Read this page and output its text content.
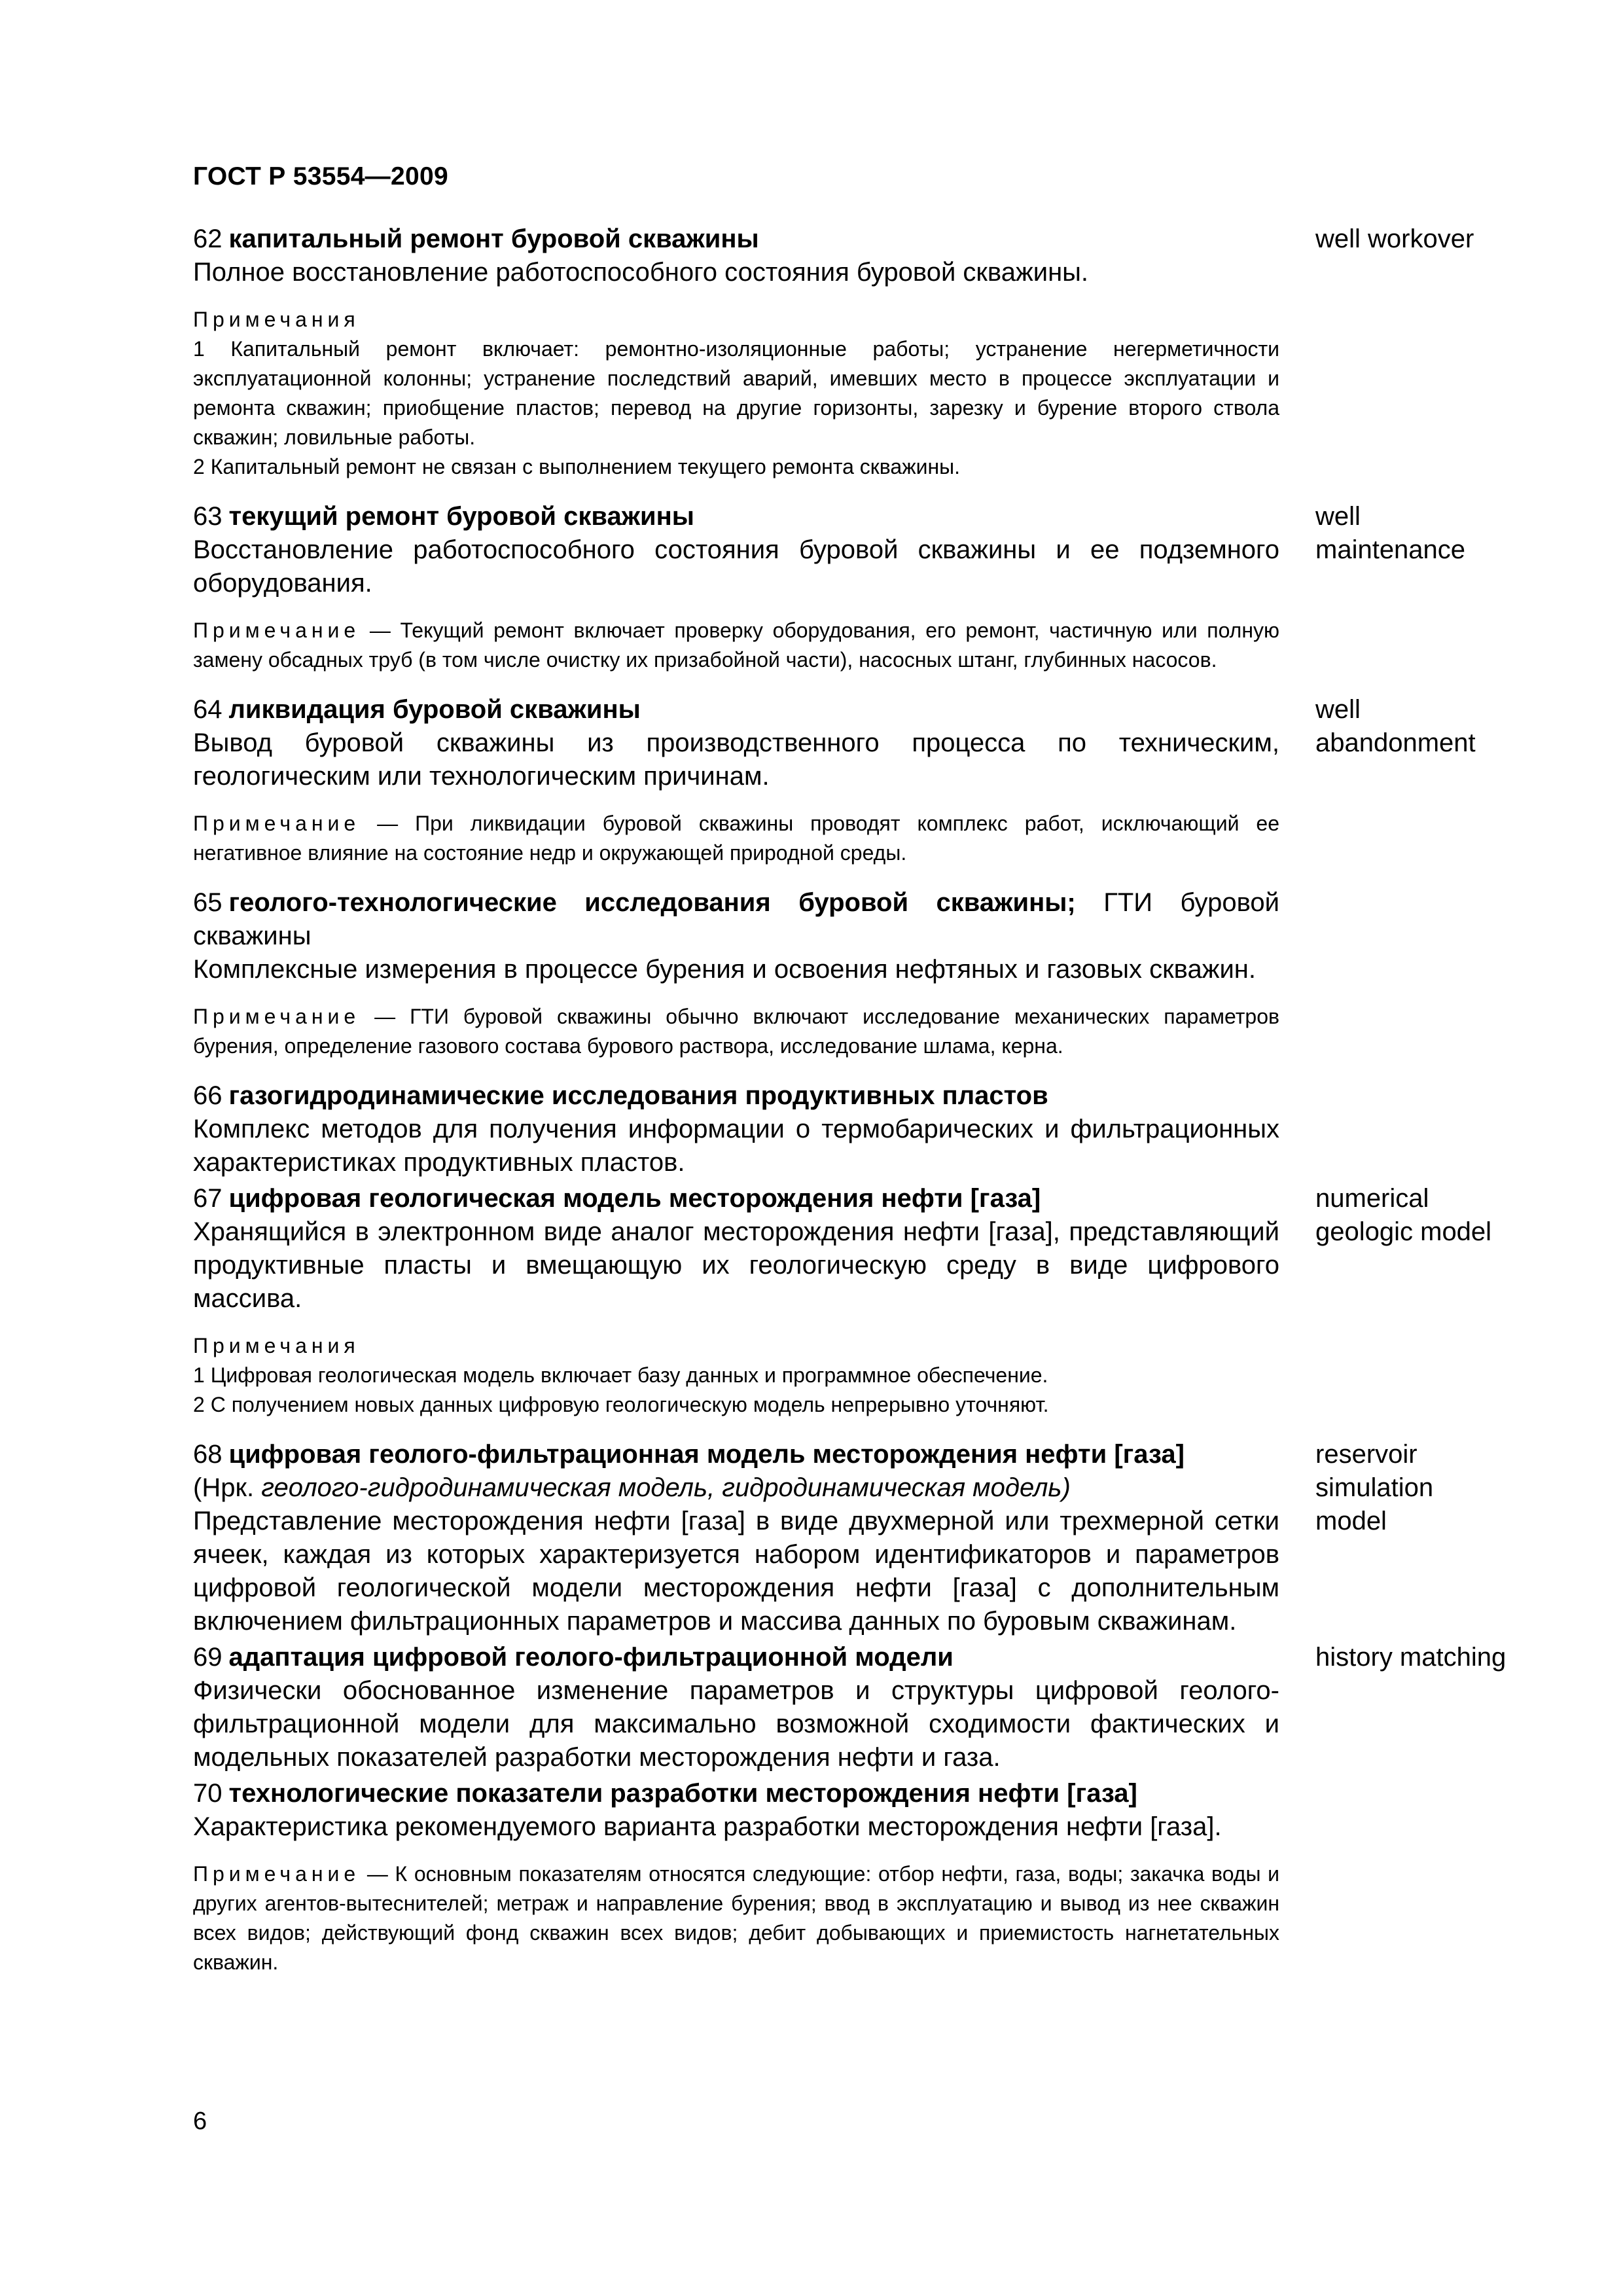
ГОСТ Р 53554—2009
62 капитальный ремонт буровой скважины
Полное восстановление работоспособного состояния буровой скважины.
Примечания
1 Капитальный ремонт включает: ремонтно-изоляционные работы; устранение негерметичности эксплуатационной колонны; устранение последствий аварий, имевших место в процессе эксплуатации и ремонта скважин; приобщение пластов; перевод на другие горизонты, зарезку и бурение второго ствола скважин; ловильные работы.
2 Капитальный ремонт не связан с выполнением текущего ремонта скважины.
well workover
63 текущий ремонт буровой скважины
Восстановление работоспособного состояния буровой скважины и ее подземного оборудования.
Примечание — Текущий ремонт включает проверку оборудования, его ремонт, частичную или полную замену обсадных труб (в том числе очистку их призабойной части), насосных штанг, глубинных насосов.
well maintenance
64 ликвидация буровой скважины
Вывод буровой скважины из производственного процесса по техническим, геологическим или технологическим причинам.
Примечание — При ликвидации буровой скважины проводят комплекс работ, исключающий ее негативное влияние на состояние недр и окружающей природной среды.
well abandonment
65 геолого-технологические исследования буровой скважины; ГТИ буровой скважины
Комплексные измерения в процессе бурения и освоения нефтяных и газовых скважин.
Примечание — ГТИ буровой скважины обычно включают исследование механических параметров бурения, определение газового состава бурового раствора, исследование шлама, керна.
66 газогидродинамические исследования продуктивных пластов
Комплекс методов для получения информации о термобарических и фильтрационных характеристиках продуктивных пластов.
67 цифровая геологическая модель месторождения нефти [газа]
Хранящийся в электронном виде аналог месторождения нефти [газа], представляющий продуктивные пласты и вмещающую их геологическую среду в виде цифрового массива.
Примечания
1 Цифровая геологическая модель включает базу данных и программное обеспечение.
2 С получением новых данных цифровую геологическую модель непрерывно уточняют.
numerical geologic model
68 цифровая геолого-фильтрационная модель месторождения нефти [газа]
(Нрк. геолого-гидродинамическая модель, гидродинамическая модель)
Представление месторождения нефти [газа] в виде двухмерной или трехмерной сетки ячеек, каждая из которых характеризуется набором идентификаторов и параметров цифровой геологической модели месторождения нефти [газа] с дополнительным включением фильтрационных параметров и массива данных по буровым скважинам.
reservoir simulation model
69 адаптация цифровой геолого-фильтрационной модели
Физически обоснованное изменение параметров и структуры цифровой геолого-фильтрационной модели для максимально возможной сходимости фактических и модельных показателей разработки месторождения нефти и газа.
history matching
70 технологические показатели разработки месторождения нефти [газа]
Характеристика рекомендуемого варианта разработки месторождения нефти [газа].
Примечание — К основным показателям относятся следующие: отбор нефти, газа, воды; закачка воды и других агентов-вытеснителей; метраж и направление бурения; ввод в эксплуатацию и вывод из нее скважин всех видов; действующий фонд скважин всех видов; дебит добывающих и приемистость нагнетательных скважин.
6
